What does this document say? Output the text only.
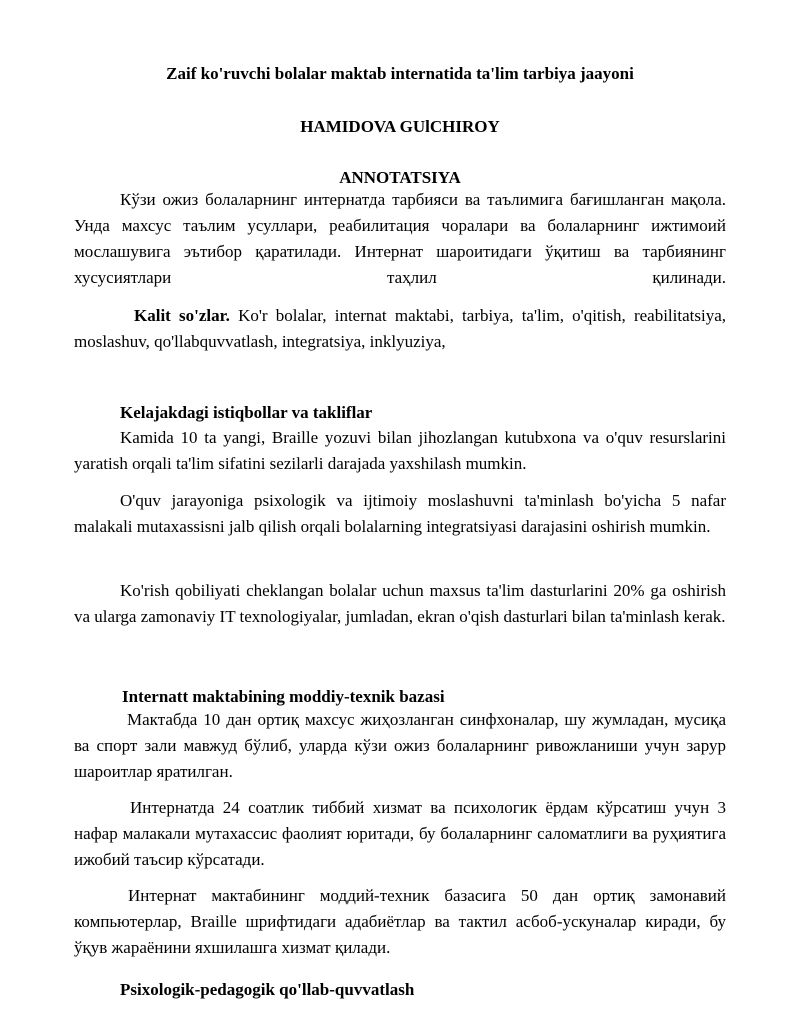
Zaif ko'ruvchi bolalar maktab internatida ta'lim tarbiya jaayoni
HAMIDOVA GUlCHIROY
ANNOTATSIYA

Кўзи ожиз болаларнинг интернатда тарбияси ва таълимига бағишланган мақола. Унда махсус таълим усуллари, реабилитация чоралари ва болаларнинг ижтимоий мослашувига эътибор қаратилади. Интернат шароитидаги ўқитиш ва тарбиянинг хусусиятлари таҳлил қилинади.

Kalit so'zlar. Ko'r bolalar, internat maktabi, tarbiya, ta'lim, o'qitish, reabilitatsiya, moslashuv, qo'llabquvvatlash, integratsiya, inklyuziya,

Kelajakdagi istiqbollar va takliflar

Kamida 10 ta yangi, Braille yozuvi bilan jihozlangan kutubxona va o'quv resurslarini yaratish orqali ta'lim sifatini sezilarli darajada yaxshilash mumkin.

O'quv jarayoniga psixologik va ijtimoiy moslashuvni ta'minlash bo'yicha 5 nafar malakali mutaxassisni jalb qilish orqali bolalarning integratsiyasi darajasini oshirish mumkin.

Ko'rish qobiliyati cheklangan bolalar uchun maxsus ta'lim dasturlarini 20% ga oshirish va ularga zamonaviy IT texnologiyalar, jumladan, ekran o'qish dasturlari bilan ta'minlash kerak.

Internatt maktabining moddiy-texnik bazasi

Мактабда 10 дан ортиқ махсус жиҳозланган синфхоналар, шу жумладан, мусиқа ва спорт зали мавжуд бўлиб, уларда кўзи ожиз болаларнинг ривожланиши учун зарур шароитлар яратилган.

Интернатда 24 соатлик тиббий хизмат ва психологик ёрдам кўрсатиш учун 3 нафар малакали мутахассис фаолият юритади, бу болаларнинг саломатлиги ва руҳиятига ижобий таъсир кўрсатади.

Интернат мактабининг моддий-техник базасига 50 дан ортиқ замонавий компьютерлар, Braille шрифтидаги адабиётлар ва тактил асбоб-ускуналар киради, бу ўқув жараёнини яхшилашга хизмат қилади.

Psixologik-pedagogik qo'llab-quvvatlash
